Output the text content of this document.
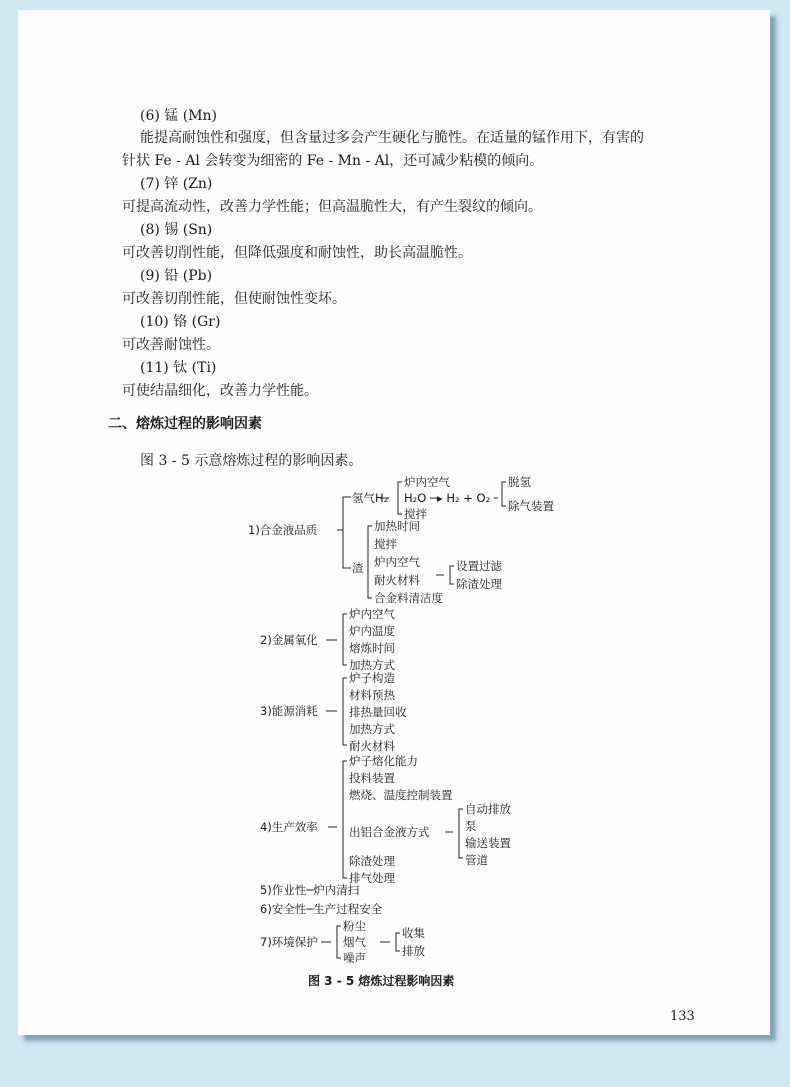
(6) 锰 (Mn)
能提高耐蚀性和强度，但含量过多会产生硬化与脆性。在适量的锰作用下，有害的
针状 Fe - Al 会转变为细密的 Fe - Mn - Al，还可减少粘模的倾向。
(7) 锌 (Zn)
可提高流动性，改善力学性能；但高温脆性大，有产生裂纹的倾向。
(8) 锡 (Sn)
可改善切削性能，但降低强度和耐蚀性，助长高温脆性。
(9) 铅 (Pb)
可改善切削性能，但使耐蚀性变坏。
(10) 铬 (Gr)
可改善耐蚀性。
(11) 钛 (Ti)
可使结晶细化，改善力学性能。
二、熔炼过程的影响因素
图 3 - 5 示意熔炼过程的影响因素。
1)合金液品质
氢气H₂
炉内空气
H₂O ─▸ H₂ + O₂
搅拌
脱氢
除气装置
渣
加热时间
搅拌
炉内空气
耐火材料
合金料清洁度
设置过滤
除渣处理
2)金属氧化
炉内空气
炉内温度
熔炼时间
加热方式
3)能源消耗
炉子构造
材料预热
排热量回收
加热方式
耐火材料
4)生产效率
炉子熔化能力
投料装置
燃烧、温度控制装置
出铝合金液方式
除渣处理
排气处理
自动排放
泵
输送装置
管道
5)作业性─炉内清扫
6)安全性─生产过程安全
7)环境保护
粉尘
烟气
噪声
收集
排放
图 3 - 5 熔炼过程影响因素
133
